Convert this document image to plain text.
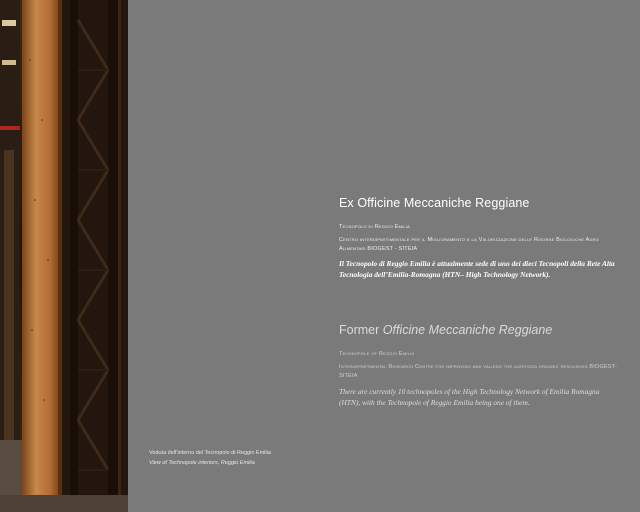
Ex Officine Meccaniche Reggiane
Tecnopolo di Reggio Emilia
Centro interdipartimentale per il Miglioramento e la Valorizzazione delle Risorse Biologiche Agro Alimentari BIOGEST - SITEIA
Il Tecnopolo di Reggio Emilia è attualmente sede di uno dei dieci Tecnopoli della Rete Alta Tecnologia dell’Emilia-Romagna (HTN– High Technology Network).
Former Officine Meccaniche Reggiane
Technopole of Reggio Emilia
Interdepartmental Research Centre for improving and valuing the agrifood organic resources BIOGEST-SITEIA
There are currently 10 technopoles of the High Technology Network of Emilia Romagna (HTN), with the Technopole of Reggio Emilia being one of them.
Veduta dell’interno del Tecnopolo di Reggio Emilia
View of Technopole interiors, Reggio Emilia
